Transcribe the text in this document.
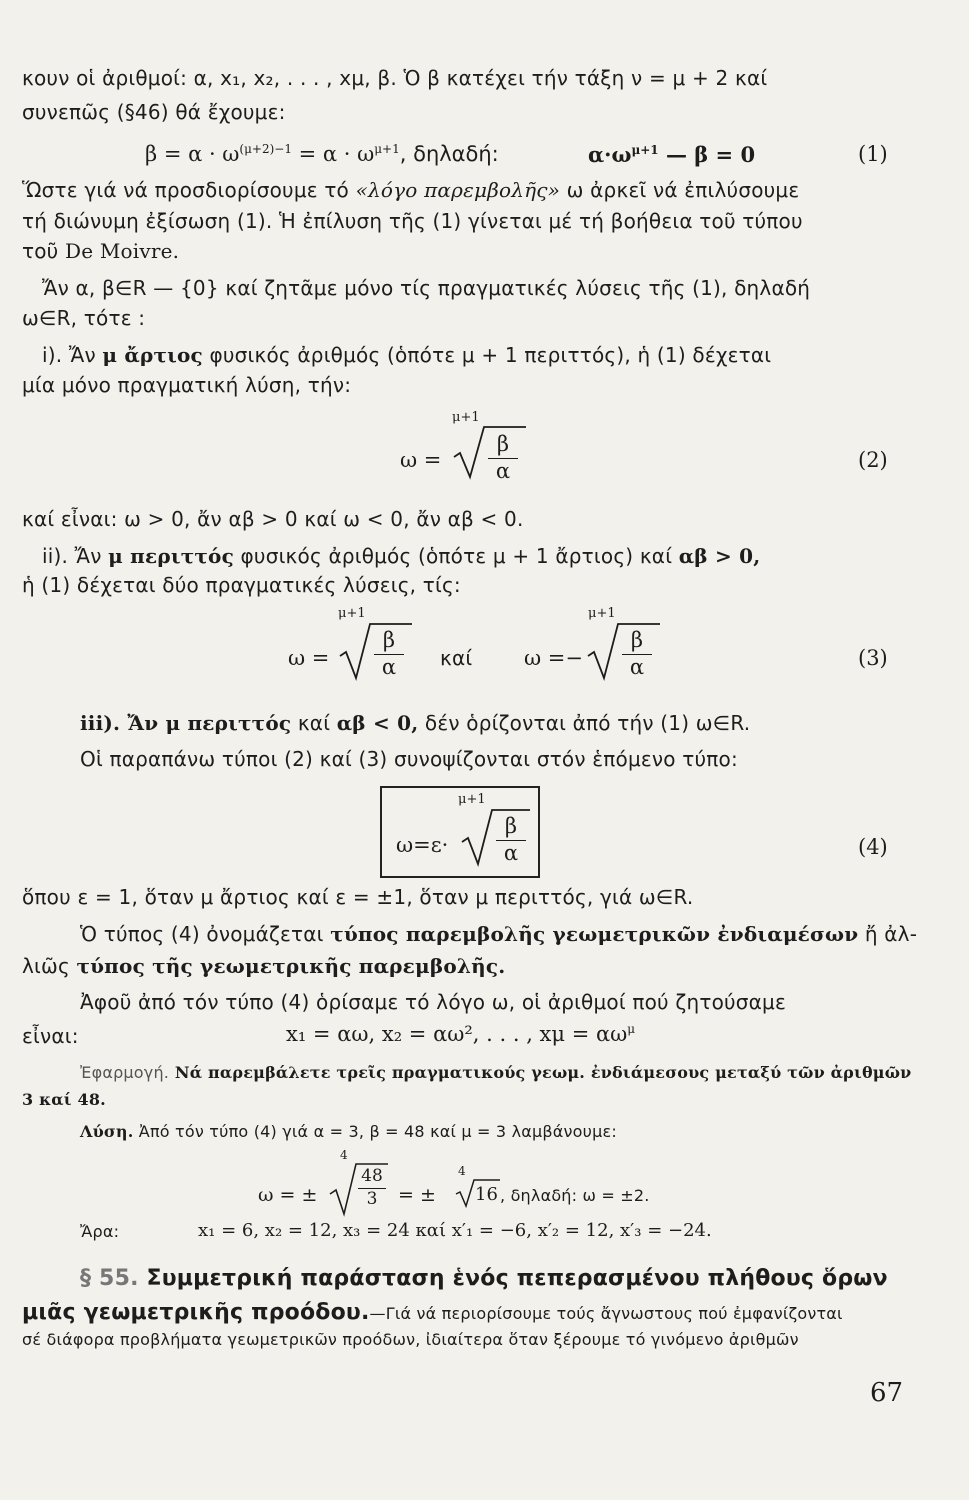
κουν οἱ ἀριθμοί: α, x₁, x₂, . . . , xμ, β. Ὁ β κατέχει τήν τάξη ν = μ + 2 καί
συνεπῶς (§46) θά ἔχουμε:
$\beta = \alpha \cdot \omega^{(\mu+2)-1} = \alpha \cdot \omega^{\mu+1}$, δηλαδή:	$\alpha\cdot\omega^{\mu+1}$ — β = 0	(1)
Ὥστε γιά νά προσδιορίσουμε τό «λόγο παρεμβολῆς» ω ἀρκεῖ νά ἐπιλύσουμε
τή διώνυμη ἐξίσωση (1). Ἡ ἐπίλυση τῆς (1) γίνεται μέ τή βοήθεια τοῦ τύπου
τοῦ De Moivre.
Ἄν α, β∈R — {0} καί ζητᾶμε μόνο τίς πραγματικές λύσεις τῆς (1), δηλαδή
ω∈R, τότε :
i). Ἄν μ ἄρτιος φυσικός ἀριθμός (ὁπότε μ + 1 περιττός), ἡ (1) δέχεται
μία μόνο πραγματική λύση, τήν:
ω =
μ+1
$\frac{\beta}{\alpha}$	(2)
καί εἶναι: ω > 0, ἄν αβ > 0 καί ω < 0, ἄν αβ < 0.
ii). Ἄν μ περιττός φυσικός ἀριθμός (ὁπότε μ + 1 ἄρτιος) καί αβ > 0,
ἡ (1) δέχεται δύο πραγματικές λύσεις, τίς:
ω =
μ+1
$\frac{\beta}{\alpha}$ καί ω =−
μ+1
$\frac{\beta}{\alpha}$	(3)
iii). Ἄν μ περιττός καί αβ < 0, δέν ὁρίζονται ἀπό τήν (1) ω∈R.
Οἱ παραπάνω τύποι (2) καί (3) συνοψίζονται στόν ἑπόμενο τύπο:
ω=ε·
μ+1
$\frac{\beta}{\alpha}$	(4)
ὅπου ε = 1, ὅταν μ ἄρτιος καί ε = ±1, ὅταν μ περιττός, γιά ω∈R.
Ὁ τύπος (4) ὀνομάζεται τύπος παρεμβολῆς γεωμετρικῶν ἐνδιαμέσων ἤ ἀλ-
λιῶς τύπος τῆς γεωμετρικῆς παρεμβολῆς.
Ἀφοῦ ἀπό τόν τύπο (4) ὁρίσαμε τό λόγο ω, οἱ ἀριθμοί πού ζητούσαμε
εἶναι:	x₁ = αω, x₂ = αω², . . . , $x\mu = \alpha\omega^\mu$
Ἐφαρμογή. Νά παρεμβάλετε τρεῖς πραγματικούς γεωμ. ἐνδιάμεσους μεταξύ τῶν ἀριθμῶν
3 καί 48.
Λύση. Ἀπό τόν τύπο (4) γιά α = 3, β = 48 καί μ = 3 λαμβάνουμε:
ω = ±
4
$\frac{48}{3}$ = ±
4
16 , δηλαδή: ω = ±2.
Ἄρα:	x₁ = 6, x₂ = 12, x₃ = 24 καί x′₁ = −6, x′₂ = 12, x′₃ = −24.
§ 55. Συμμετρική παράσταση ἑνός πεπερασμένου πλήθους ὅρων
μιᾶς γεωμετρικῆς προόδου.—Γιά νά περιορίσουμε τούς ἄγνωστους πού ἐμφανίζονται
σέ διάφορα προβλήματα γεωμετρικῶν προόδων, ἰδιαίτερα ὅταν ξέρουμε τό γινόμενο ἀριθμῶν
67
